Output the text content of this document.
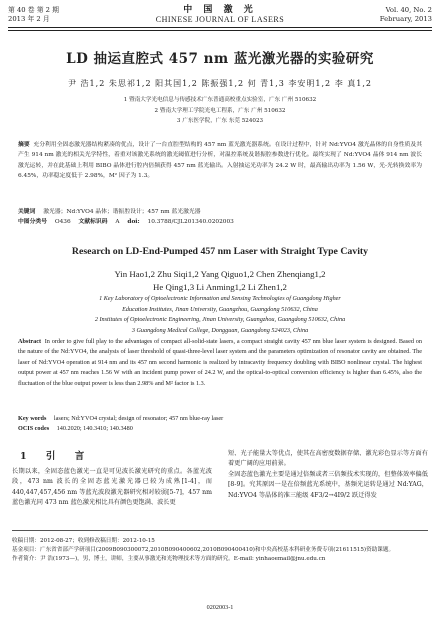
第 40 卷 第 2 期
2013 年 2 月
中 国 激 光
CHINESE JOURNAL OF LASERS
Vol. 40, No. 2
February, 2013
LD 抽运直腔式 457 nm 蓝光激光器的实验研究
尹 浩1,2 朱思祁1,2 阳其国1,2 陈振强1,2 何 青1,3 李安明1,2 李 真1,2
1 暨南大学光电信息与传感技术广东普通高校重点实验室，广东 广州 510632
2 暨南大学理工学院光电工程系，广东 广州 510632
3 广东医学院，广东 东莞 524023
摘要 充分利用全固态激光器结构紧凑的优点，设计了一台直腔型结构的 457 nm 蓝光激光器系统。在设计过程中，针对 Nd:YVO4 激光晶体的自身性质及其产生 914 nm 激光的相关光学特性，着重对该激光系统的激光阈值进行分析，对温控系统及谐振腔参数进行优化。最终实现了 Nd:YVO4 晶体 914 nm 波长激光运转，并在此基础上利用 BIBO 晶体进行腔内倍频获得 457 nm 蓝光输出。入射抽运光功率为 24.2 W 时，最高输出功率为 1.56 W，光-光转换效率为 6.45%，功率稳定度低于 2.98%，M² 因子为 1.3。
关键词 激光器；Nd:YVO4 晶体；谐振腔设计；457 nm 蓝光激光器
中图分类号 O436 文献标识码 A doi: 10.3788/CJL201340.0202003
Research on LD-End-Pumped 457 nm Laser with Straight Type Cavity
Yin Hao1,2 Zhu Siqi1,2 Yang Qiguo1,2 Chen Zhenqiang1,2
He Qing1,3 Li Anming1,2 Li Zhen1,2
1 Key Laboratory of Optoelectronic Information and Sensing Technologies of Guangdong Higher
Education Institutes, Jinan University, Guangzhou, Guangdong 510632, China
2 Institutes of Optoelectronic Engineering, Jinan University, Guangzhou, Guangdong 510632, China
3 Guangdong Medical College, Dongguan, Guangdong 524023, China
Abstract In order to give full play to the advantages of compact all-solid-state lasers, a compact straight cavity 457 nm blue laser system is designed. Based on the nature of the Nd:YVO4, the analysis of laser threshold of quasi-three-level laser system and the parameters optimization of resonator cavity are obtained. The laser of Nd:YVO4 operation at 914 nm and its 457 nm second harmonic is realized by intracavity frequency doubling with BIBO nonlinear crystal. The highest output power at 457 nm reaches 1.56 W with an incident pump power of 24.2 W, and the optical-to-optical conversion efficiency is higher than 6.45%, also the fluctuation of the blue output power is less than 2.98% and M² factor is 1.3.
Key words lasers; Nd:YVO4 crystal; design of resonator; 457 nm blue-ray laser
OCIS codes 140.2020; 140.3410; 140.3480
1 引 言
长期以来，全固态蓝色激光一直是可见波长激光研究的重点。各蓝光波段，473 nm 波长的全固态蓝光激光器已较为成熟[1-4]，而 440,447,457,456 nm 等蓝光波段激光器研究相对较弱[5-7]，457 nm 蓝色激光同 473 nm 蓝色激光相比具有颜色更饱满、波长更
短、光子能量大等优点，使其在高密度数据存储、激光彩色显示等方面有着更广阔的应用前景。
全固态蓝色激光主要是通过倍频或者三倍频技术实现的，但整体效率偏低[8-9]。究其原因一是在倍频蓝光系统中，基频光运转是通过 Nd:YAG，Nd:YVO4 等晶体的准三能级 4F3/2→4I9/2 跃迁得发
收稿日期：2012-08-27；收到修改稿日期：2012-10-15
基金项目：广东省省部产学研项目(2009B090300072,2010B090400602,2010B090400410)和中央高校基本科研业务费专项(21611515)资助课题。
作者简介：尹 浩(1973—)，男，博士，讲师，主要从事激光和光物理技术等方面的研究。E-mail: yinhaoemail@jnu.edu.cn
0202003-1
